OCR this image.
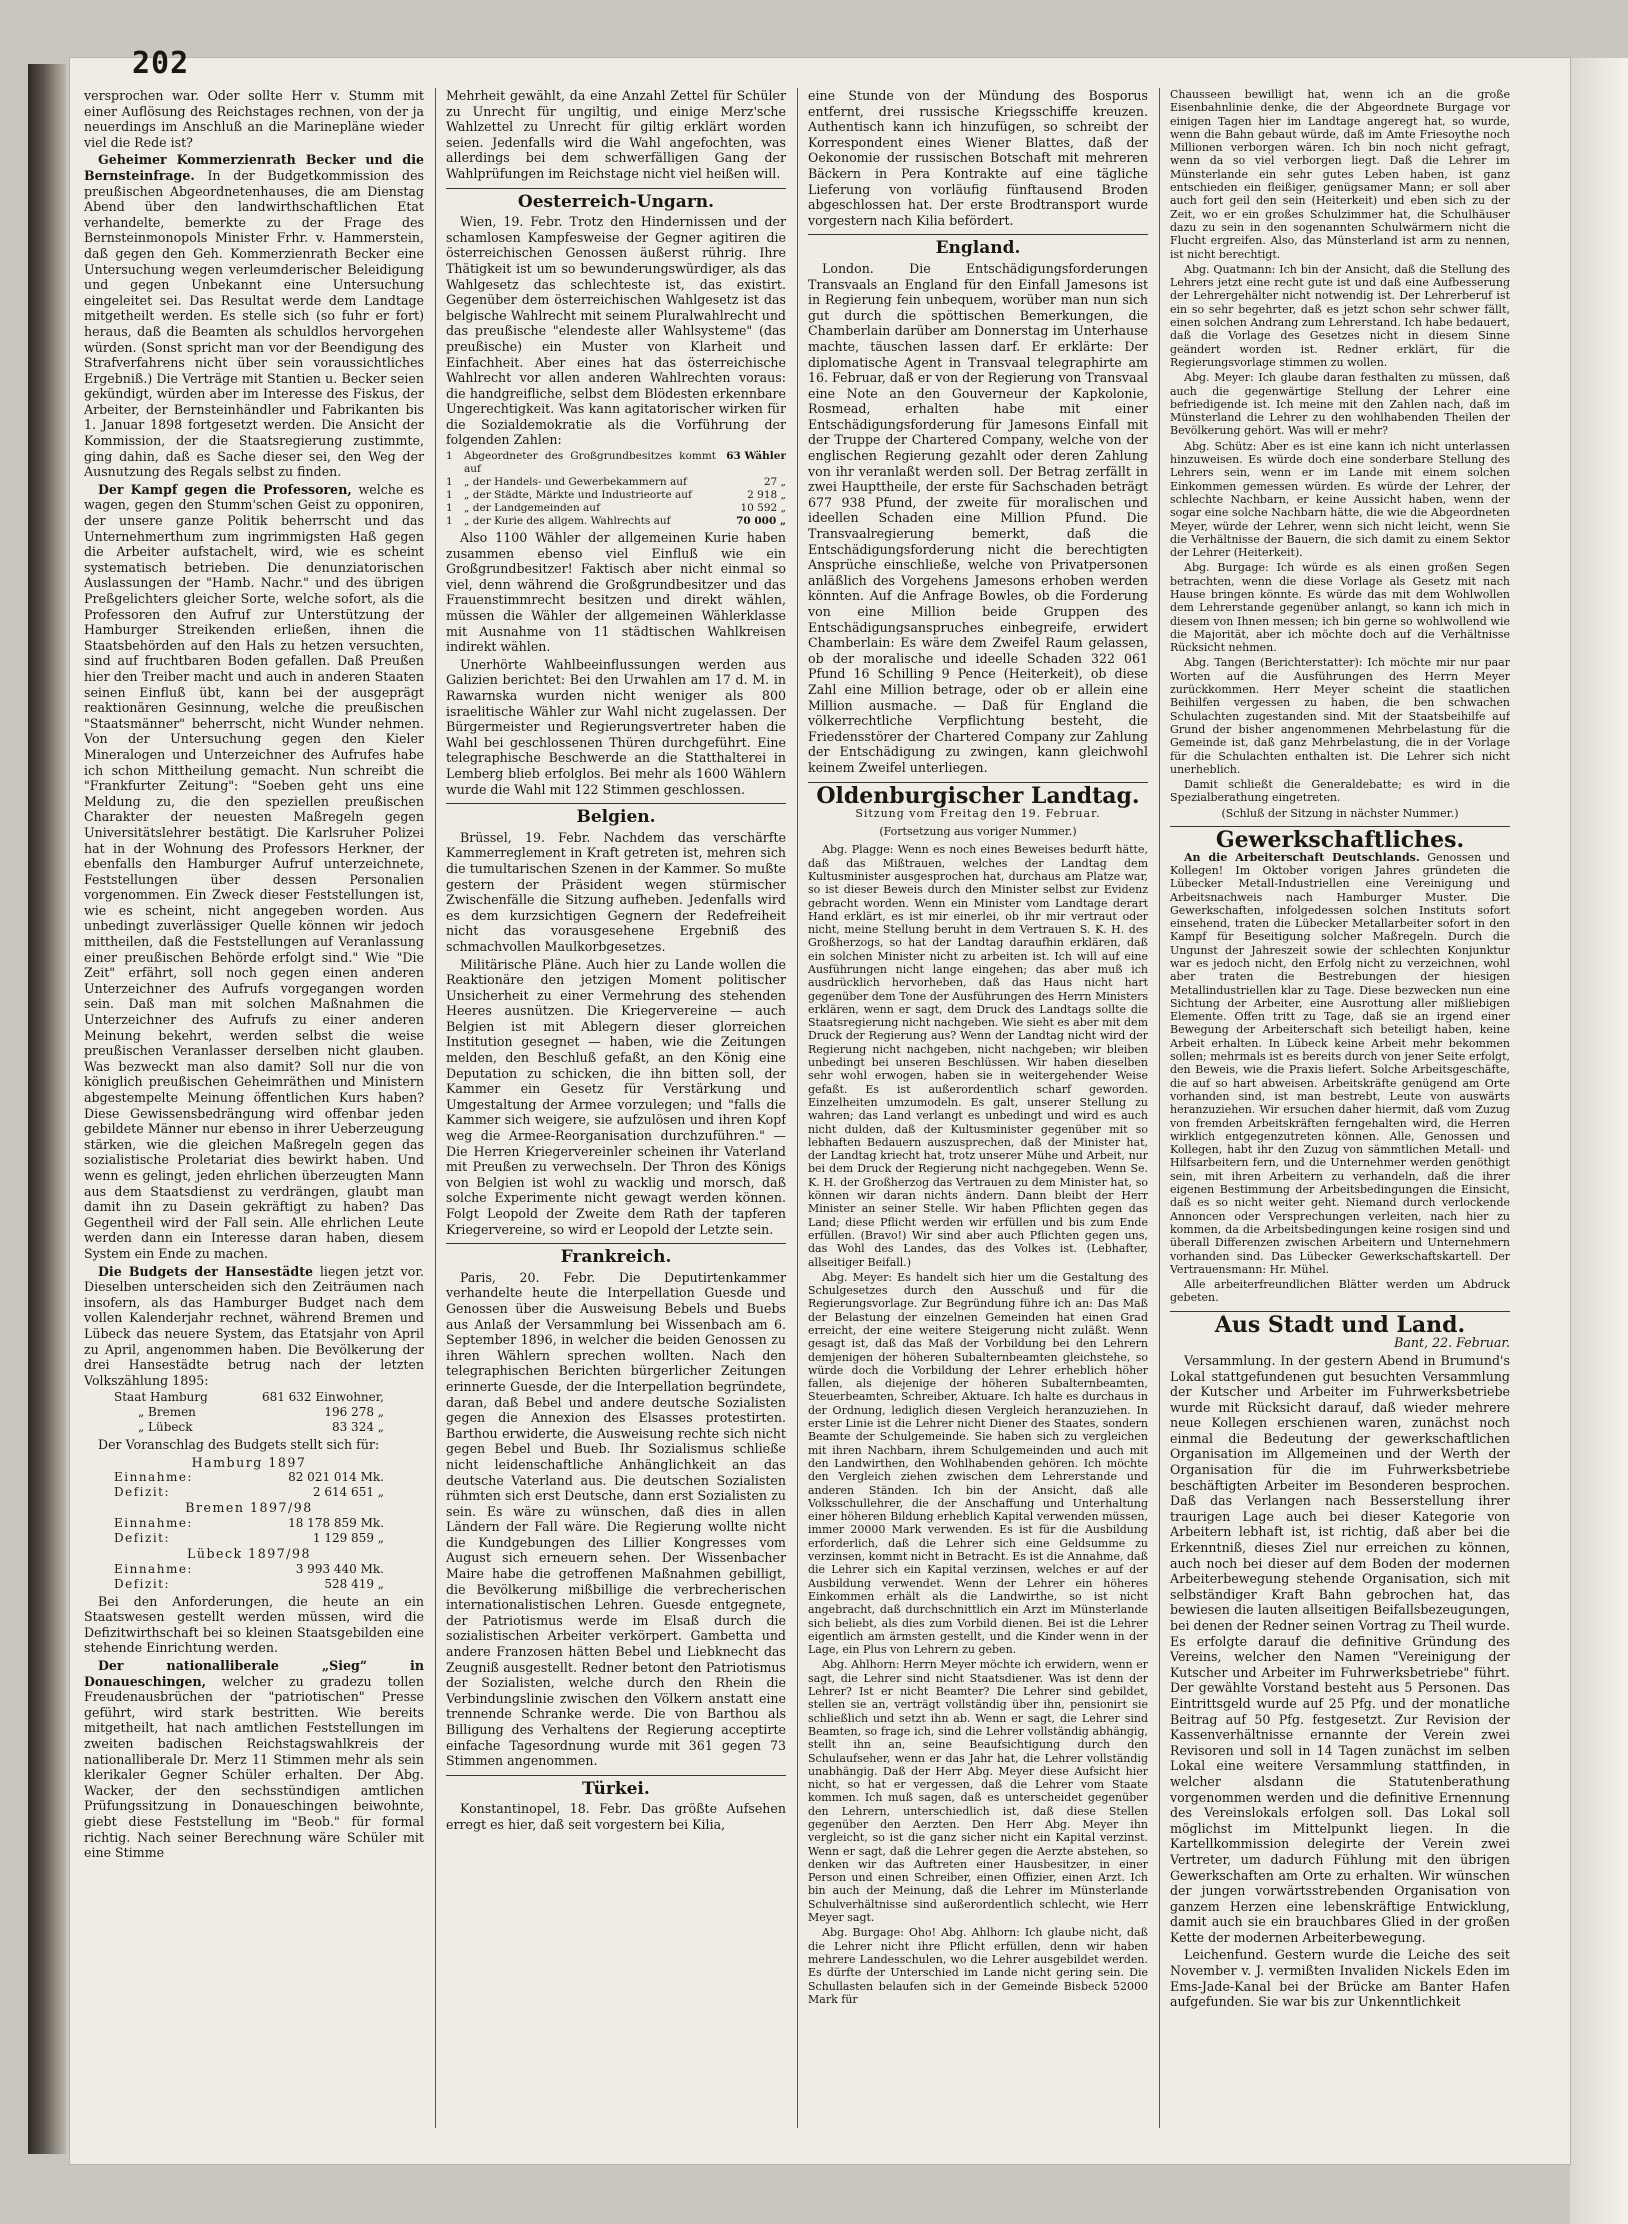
202

versprochen war. Oder sollte Herr v. Stumm mit einer Auflösung des Reichstages rechnen, von der ja neuerdings im Anschluß an die Marinepläne wieder viel die Rede ist?

Geheimer Kommerzienrath Becker und die Bernsteinfrage. In der Budgetkommission des preußischen Abgeordnetenhauses, die am Dienstag Abend über den landwirthschaftlichen Etat verhandelte, bemerkte zu der Frage des Bernsteinmonopols Minister Frhr. v. Hammerstein, daß gegen den Geh. Kommerzienrath Becker eine Untersuchung wegen verleumderischer Beleidigung und gegen Unbekannt eine Untersuchung eingeleitet sei. Das Resultat werde dem Landtage mitgetheilt werden. Es stelle sich (so fuhr er fort) heraus, daß die Beamten als schuldlos hervorgehen würden. (Sonst spricht man vor der Beendigung des Strafverfahrens nicht über sein voraussichtliches Ergebniß.) Die Verträge mit Stantien u. Becker seien gekündigt, würden aber im Interesse des Fiskus, der Arbeiter, der Bernsteinhändler und Fabrikanten bis 1. Januar 1898 fortgesetzt werden. Die Ansicht der Kommission, der die Staatsregierung zustimmte, ging dahin, daß es Sache dieser sei, den Weg der Ausnutzung des Regals selbst zu finden.

Der Kampf gegen die Professoren, welche es wagen, gegen den Stumm'schen Geist zu opponiren, der unsere ganze Politik beherrscht und das Unternehmerthum zum ingrimmigsten Haß gegen die Arbeiter aufstachelt, wird, wie es scheint systematisch betrieben. Die denunziatorischen Auslassungen der "Hamb. Nachr." und des übrigen Preßgelichters gleicher Sorte, welche sofort, als die Professoren den Aufruf zur Unterstützung der Hamburger Streikenden erließen, ihnen die Staatsbehörden auf den Hals zu hetzen versuchten, sind auf fruchtbaren Boden gefallen. Daß Preußen hier den Treiber macht und auch in anderen Staaten seinen Einfluß übt, kann bei der ausgeprägt reaktionären Gesinnung, welche die preußischen "Staatsmänner" beherrscht, nicht Wunder nehmen. Von der Untersuchung gegen den Kieler Mineralogen und Unterzeichner des Aufrufes habe ich schon Mittheilung gemacht. Nun schreibt die "Frankfurter Zeitung": "Soeben geht uns eine Meldung zu, die den speziellen preußischen Charakter der neuesten Maßregeln gegen Universitätslehrer bestätigt. Die Karlsruher Polizei hat in der Wohnung des Professors Herkner, der ebenfalls den Hamburger Aufruf unterzeichnete, Feststellungen über dessen Personalien vorgenommen. Ein Zweck dieser Feststellungen ist, wie es scheint, nicht angegeben worden. Aus unbedingt zuverlässiger Quelle können wir jedoch mittheilen, daß die Feststellungen auf Veranlassung einer preußischen Behörde erfolgt sind." Wie "Die Zeit" erfährt, soll noch gegen einen anderen Unterzeichner des Aufrufs vorgegangen worden sein. Daß man mit solchen Maßnahmen die Unterzeichner des Aufrufs zu einer anderen Meinung bekehrt, werden selbst die weise preußischen Veranlasser derselben nicht glauben. Was bezweckt man also damit? Soll nur die von königlich preußischen Geheimräthen und Ministern abgestempelte Meinung öffentlichen Kurs haben? Diese Gewissensbedrängung wird offenbar jeden gebildete Männer nur ebenso in ihrer Ueberzeugung stärken, wie die gleichen Maßregeln gegen das sozialistische Proletariat dies bewirkt haben. Und wenn es gelingt, jeden ehrlichen überzeugten Mann aus dem Staatsdienst zu verdrängen, glaubt man damit ihn zu Dasein gekräftigt zu haben? Das Gegentheil wird der Fall sein. Alle ehrlichen Leute werden dann ein Interesse daran haben, diesem System ein Ende zu machen.

Die Budgets der Hansestädte liegen jetzt vor. Dieselben unterscheiden sich den Zeiträumen nach insofern, als das Hamburger Budget nach dem vollen Kalenderjahr rechnet, während Bremen und Lübeck das neuere System, das Etatsjahr von April zu April, angenommen haben. Die Bevölkerung der drei Hansestädte betrug nach der letzten Volkszählung 1895:

Staat Hamburg	681 632 Einwohner,
„ Bremen	196 278 „
„ Lübeck	83 324 „

Der Voranschlag des Budgets stellt sich für:

Hamburg 1897
Einnahme:	82 021 014 Mk.
Defizit:	2 614 651 „
Bremen 1897/98
Einnahme:	18 178 859 Mk.
Defizit:	1 129 859 „
Lübeck 1897/98
Einnahme:	3 993 440 Mk.
Defizit:	528 419 „

Bei den Anforderungen, die heute an ein Staatswesen gestellt werden müssen, wird die Defizitwirthschaft bei so kleinen Staatsgebilden eine stehende Einrichtung werden.

Der nationalliberale „Sieg“ in Donaueschingen, welcher zu gradezu tollen Freudenausbrüchen der "patriotischen" Presse geführt, wird stark bestritten. Wie bereits mitgetheilt, hat nach amtlichen Feststellungen im zweiten badischen Reichstagswahlkreis der nationalliberale Dr. Merz 11 Stimmen mehr als sein klerikaler Gegner Schüler erhalten. Der Abg. Wacker, der den sechsstündigen amtlichen Prüfungssitzung in Donaueschingen beiwohnte, giebt diese Feststellung im "Beob." für formal richtig. Nach seiner Berechnung wäre Schüler mit eine Stimme

Mehrheit gewählt, da eine Anzahl Zettel für Schüler zu Unrecht für ungiltig, und einige Merz'sche Wahlzettel zu Unrecht für giltig erklärt worden seien. Jedenfalls wird die Wahl angefochten, was allerdings bei dem schwerfälligen Gang der Wahlprüfungen im Reichstage nicht viel heißen will.

Oesterreich-Ungarn.

Wien, 19. Febr. Trotz den Hindernissen und der schamlosen Kampfesweise der Gegner agitiren die österreichischen Genossen äußerst rührig. Ihre Thätigkeit ist um so bewunderungswürdiger, als das Wahlgesetz das schlechteste ist, das existirt. Gegenüber dem österreichischen Wahlgesetz ist das belgische Wahlrecht mit seinem Pluralwahlrecht und das preußische "elendeste aller Wahlsysteme" (das preußische) ein Muster von Klarheit und Einfachheit. Aber eines hat das österreichische Wahlrecht vor allen anderen Wahlrechten voraus: die handgreifliche, selbst dem Blödesten erkennbare Ungerechtigkeit. Was kann agitatorischer wirken für die Sozialdemokratie als die Vorführung der folgenden Zahlen:

1	Abgeordneter des Großgrundbesitzes kommt auf
63 Wähler
1	„ der Handels- und Gewerbekammern auf	27 „
1	„ der Städte, Märkte und Industrieorte auf	2 918 „
1	„ der Landgemeinden auf	10 592 „
1	„ der Kurie des allgem. Wahlrechts auf	70 000 „

Also 1100 Wähler der allgemeinen Kurie haben zusammen ebenso viel Einfluß wie ein Großgrundbesitzer! Faktisch aber nicht einmal so viel, denn während die Großgrundbesitzer und das Frauenstimmrecht besitzen und direkt wählen, müssen die Wähler der allgemeinen Wählerklasse mit Ausnahme von 11 städtischen Wahlkreisen indirekt wählen.

Unerhörte Wahlbeeinflussungen werden aus Galizien berichtet: Bei den Urwahlen am 17 d. M. in Rawarnska wurden nicht weniger als 800 israelitische Wähler zur Wahl nicht zugelassen. Der Bürgermeister und Regierungsvertreter haben die Wahl bei geschlossenen Thüren durchgeführt. Eine telegraphische Beschwerde an die Statthalterei in Lemberg blieb erfolglos. Bei mehr als 1600 Wählern wurde die Wahl mit 122 Stimmen geschlossen.

Belgien.

Brüssel, 19. Febr. Nachdem das verschärfte Kammerreglement in Kraft getreten ist, mehren sich die tumultarischen Szenen in der Kammer. So mußte gestern der Präsident wegen stürmischer Zwischenfälle die Sitzung aufheben. Jedenfalls wird es dem kurzsichtigen Gegnern der Redefreiheit nicht das vorausgesehene Ergebniß des schmachvollen Maulkorbgesetzes.

Militärische Pläne. Auch hier zu Lande wollen die Reaktionäre den jetzigen Moment politischer Unsicherheit zu einer Vermehrung des stehenden Heeres ausnützen. Die Kriegervereine — auch Belgien ist mit Ablegern dieser glorreichen Institution gesegnet — haben, wie die Zeitungen melden, den Beschluß gefaßt, an den König eine Deputation zu schicken, die ihn bitten soll, der Kammer ein Gesetz für Verstärkung und Umgestaltung der Armee vorzulegen; und "falls die Kammer sich weigere, sie aufzulösen und ihren Kopf weg die Armee-Reorganisation durchzuführen." — Die Herren Kriegervereinler scheinen ihr Vaterland mit Preußen zu verwechseln. Der Thron des Königs von Belgien ist wohl zu wacklig und morsch, daß solche Experimente nicht gewagt werden können. Folgt Leopold der Zweite dem Rath der tapferen Kriegervereine, so wird er Leopold der Letzte sein.

Frankreich.

Paris, 20. Febr. Die Deputirtenkammer verhandelte heute die Interpellation Guesde und Genossen über die Ausweisung Bebels und Buebs aus Anlaß der Versammlung bei Wissenbach am 6. September 1896, in welcher die beiden Genossen zu ihren Wählern sprechen wollten. Nach den telegraphischen Berichten bürgerlicher Zeitungen erinnerte Guesde, der die Interpellation begründete, daran, daß Bebel und andere deutsche Sozialisten gegen die Annexion des Elsasses protestirten. Barthou erwiderte, die Ausweisung rechte sich nicht gegen Bebel und Bueb. Ihr Sozialismus schließe nicht leidenschaftliche Anhänglichkeit an das deutsche Vaterland aus. Die deutschen Sozialisten rühmten sich erst Deutsche, dann erst Sozialisten zu sein. Es wäre zu wünschen, daß dies in allen Ländern der Fall wäre. Die Regierung wollte nicht die Kundgebungen des Lillier Kongresses vom August sich erneuern sehen. Der Wissenbacher Maire habe die getroffenen Maßnahmen gebilligt, die Bevölkerung mißbillige die verbrecherischen internationalistischen Lehren. Guesde entgegnete, der Patriotismus werde im Elsaß durch die sozialistischen Arbeiter verkörpert. Gambetta und andere Franzosen hätten Bebel und Liebknecht das Zeugniß ausgestellt. Redner betont den Patriotismus der Sozialisten, welche durch den Rhein die Verbindungslinie zwischen den Völkern anstatt eine trennende Schranke werde. Die von Barthou als Billigung des Verhaltens der Regierung acceptirte einfache Tagesordnung wurde mit 361 gegen 73 Stimmen angenommen.

Türkei.

Konstantinopel, 18. Febr. Das größte Aufsehen erregt es hier, daß seit vorgestern bei Kilia,

eine Stunde von der Mündung des Bosporus entfernt, drei russische Kriegsschiffe kreuzen. Authentisch kann ich hinzufügen, so schreibt der Korrespondent eines Wiener Blattes, daß der Oekonomie der russischen Botschaft mit mehreren Bäckern in Pera Kontrakte auf eine tägliche Lieferung von vorläufig fünftausend Broden abgeschlossen hat. Der erste Brodtransport wurde vorgestern nach Kilia befördert.

England.

London. Die Entschädigungsforderungen Transvaals an England für den Einfall Jamesons ist in Regierung fein unbequem, worüber man nun sich gut durch die spöttischen Bemerkungen, die Chamberlain darüber am Donnerstag im Unterhause machte, täuschen lassen darf. Er erklärte: Der diplomatische Agent in Transvaal telegraphirte am 16. Februar, daß er von der Regierung von Transvaal eine Note an den Gouverneur der Kapkolonie, Rosmead, erhalten habe mit einer Entschädigungsforderung für Jamesons Einfall mit der Truppe der Chartered Company, welche von der englischen Regierung gezahlt oder deren Zahlung von ihr veranlaßt werden soll. Der Betrag zerfällt in zwei Haupttheile, der erste für Sachschaden beträgt 677 938 Pfund, der zweite für moralischen und ideellen Schaden eine Million Pfund. Die Transvaalregierung bemerkt, daß die Entschädigungsforderung nicht die berechtigten Ansprüche einschließe, welche von Privatpersonen anläßlich des Vorgehens Jamesons erhoben werden könnten. Auf die Anfrage Bowles, ob die Forderung von eine Million beide Gruppen des Entschädigungsanspruches einbegreife, erwidert Chamberlain: Es wäre dem Zweifel Raum gelassen, ob der moralische und ideelle Schaden 322 061 Pfund 16 Schilling 9 Pence (Heiterkeit), ob diese Zahl eine Million betrage, oder ob er allein eine Million ausmache. — Daß für England die völkerrechtliche Verpflichtung besteht, die Friedensstörer der Chartered Company zur Zahlung der Entschädigung zu zwingen, kann gleichwohl keinem Zweifel unterliegen.

Oldenburgischer Landtag.
Sitzung vom Freitag den 19. Februar.
(Fortsetzung aus voriger Nummer.)

Abg. Plagge: Wenn es noch eines Beweises bedurft hätte, daß das Mißtrauen, welches der Landtag dem Kultusminister ausgesprochen hat, durchaus am Platze war, so ist dieser Beweis durch den Minister selbst zur Evidenz gebracht worden. Wenn ein Minister vom Landtage derart Hand erklärt, es ist mir einerlei, ob ihr mir vertraut oder nicht, meine Stellung beruht in dem Vertrauen S. K. H. des Großherzogs, so hat der Landtag daraufhin erklären, daß ein solchen Minister nicht zu arbeiten ist. Ich will auf eine Ausführungen nicht lange eingehen; das aber muß ich ausdrücklich hervorheben, daß das Haus nicht hart gegenüber dem Tone der Ausführungen des Herrn Ministers erklären, wenn er sagt, dem Druck des Landtags sollte die Staatsregierung nicht nachgeben. Wie sieht es aber mit dem Druck der Regierung aus? Wenn der Landtag nicht wird der Regierung nicht nachgeben, nicht nachgeben; wir bleiben unbedingt bei unseren Beschlüssen. Wir haben dieselben sehr wohl erwogen, haben sie in weitergehender Weise gefaßt. Es ist außerordentlich scharf geworden. Einzelheiten umzumodeln. Es galt, unserer Stellung zu wahren; das Land verlangt es unbedingt und wird es auch nicht dulden, daß der Kultusminister gegenüber mit so lebhaften Bedauern auszusprechen, daß der Minister hat, der Landtag kriecht hat, trotz unserer Mühe und Arbeit, nur bei dem Druck der Regierung nicht nachgegeben. Wenn Se. K. H. der Großherzog das Vertrauen zu dem Minister hat, so können wir daran nichts ändern. Dann bleibt der Herr Minister an seiner Stelle. Wir haben Pflichten gegen das Land; diese Pflicht werden wir erfüllen und bis zum Ende erfüllen. (Bravo!) Wir sind aber auch Pflichten gegen uns, das Wohl des Landes, das des Volkes ist. (Lebhafter, allseitiger Beifall.)

Abg. Meyer: Es handelt sich hier um die Gestaltung des Schulgesetzes durch den Ausschuß und für die Regierungsvorlage. Zur Begründung führe ich an: Das Maß der Belastung der einzelnen Gemeinden hat einen Grad erreicht, der eine weitere Steigerung nicht zuläßt. Wenn gesagt ist, daß das Maß der Vorbildung bei den Lehrern demjenigen der höheren Subalternbeamten gleichstehe, so würde doch die Vorbildung der Lehrer erheblich höher fallen, als diejenige der höheren Subalternbeamten, Steuerbeamten, Schreiber, Aktuare. Ich halte es durchaus in der Ordnung, lediglich diesen Vergleich heranzuziehen. In erster Linie ist die Lehrer nicht Diener des Staates, sondern Beamte der Schulgemeinde. Sie haben sich zu vergleichen mit ihren Nachbarn, ihrem Schulgemeinden und auch mit den Landwirthen, den Wohlhabenden gehören. Ich möchte den Vergleich ziehen zwischen dem Lehrerstande und anderen Ständen. Ich bin der Ansicht, daß alle Volksschullehrer, die der Anschaffung und Unterhaltung einer höheren Bildung erheblich Kapital verwenden müssen, immer 20000 Mark verwenden. Es ist für die Ausbildung erforderlich, daß die Lehrer sich eine Geldsumme zu verzinsen, kommt nicht in Betracht. Es ist die Annahme, daß die Lehrer sich ein Kapital verzinsen, welches er auf der Ausbildung verwendet. Wenn der Lehrer ein höheres Einkommen erhält als die Landwirthe, so ist nicht angebracht, daß durchschnittlich ein Arzt im Münsterlande sich beliebt, als dies zum Vorbild dienen. Bei ist die Lehrer eigentlich am ärmsten gestellt, und die Kinder wenn in der Lage, ein Plus von Lehrern zu geben.

Abg. Ahlhorn: Herrn Meyer möchte ich erwidern, wenn er sagt, die Lehrer sind nicht Staatsdiener. Was ist denn der Lehrer? Ist er nicht Beamter? Die Lehrer sind gebildet, stellen sie an, verträgt vollständig über ihn, pensionirt sie schließlich und setzt ihn ab. Wenn er sagt, die Lehrer sind Beamten, so frage ich, sind die Lehrer vollständig abhängig, stellt ihn an, seine Beaufsichtigung durch den Schulaufseher, wenn er das Jahr hat, die Lehrer vollständig unabhängig. Daß der Herr Abg. Meyer diese Aufsicht hier nicht, so hat er vergessen, daß die Lehrer vom Staate kommen. Ich muß sagen, daß es unterscheidet gegenüber den Lehrern, unterschiedlich ist, daß diese Stellen gegenüber den Aerzten. Den Herr Abg. Meyer ihn vergleicht, so ist die ganz sicher nicht ein Kapital verzinst. Wenn er sagt, daß die Lehrer gegen die Aerzte abstehen, so denken wir das Auftreten einer Hausbesitzer, in einer Person und einen Schreiber, einen Offizier, einen Arzt. Ich bin auch der Meinung, daß die Lehrer im Münsterlande Schulverhältnisse sind außerordentlich schlecht, wie Herr Meyer sagt.

Abg. Burgage: Oho! Abg. Ahlhorn: Ich glaube nicht, daß die Lehrer nicht ihre Pflicht erfüllen, denn wir haben mehrere Landesschulen, wo die Lehrer ausgebildet werden. Es dürfte der Unterschied im Lande nicht gering sein. Die Schullasten belaufen sich in der Gemeinde Bisbeck 52000 Mark für

Chausseen bewilligt hat, wenn ich an die große Eisenbahnlinie denke, die der Abgeordnete Burgage vor einigen Tagen hier im Landtage angeregt hat, so wurde, wenn die Bahn gebaut würde, daß im Amte Friesoythe noch Millionen verborgen wären. Ich bin noch nicht gefragt, wenn da so viel verborgen liegt. Daß die Lehrer im Münsterlande ein sehr gutes Leben haben, ist ganz entschieden ein fleißiger, genügsamer Mann; er soll aber auch fort geil den sein (Heiterkeit) und eben sich zu der Zeit, wo er ein großes Schulzimmer hat, die Schulhäuser dazu zu sein in den sogenannten Schulwärmern nicht die Flucht ergreifen. Also, das Münsterland ist arm zu nennen, ist nicht berechtigt.

Abg. Quatmann: Ich bin der Ansicht, daß die Stellung des Lehrers jetzt eine recht gute ist und daß eine Aufbesserung der Lehrergehälter nicht notwendig ist. Der Lehrerberuf ist ein so sehr begehrter, daß es jetzt schon sehr schwer fällt, einen solchen Andrang zum Lehrerstand. Ich habe bedauert, daß die Vorlage des Gesetzes nicht in diesem Sinne geändert worden ist. Redner erklärt, für die Regierungsvorlage stimmen zu wollen.

Abg. Meyer: Ich glaube daran festhalten zu müssen, daß auch die gegenwärtige Stellung der Lehrer eine befriedigende ist. Ich meine mit den Zahlen nach, daß im Münsterland die Lehrer zu den wohlhabenden Theilen der Bevölkerung gehört. Was will er mehr?

Abg. Schütz: Aber es ist eine kann ich nicht unterlassen hinzuweisen. Es würde doch eine sonderbare Stellung des Lehrers sein, wenn er im Lande mit einem solchen Einkommen gemessen würden. Es würde der Lehrer, der schlechte Nachbarn, er keine Aussicht haben, wenn der sogar eine solche Nachbarn hätte, die wie die Abgeordneten Meyer, würde der Lehrer, wenn sich nicht leicht, wenn Sie die Verhältnisse der Bauern, die sich damit zu einem Sektor der Lehrer (Heiterkeit).

Abg. Burgage: Ich würde es als einen großen Segen betrachten, wenn die diese Vorlage als Gesetz mit nach Hause bringen könnte. Es würde das mit dem Wohlwollen dem Lehrerstande gegenüber anlangt, so kann ich mich in diesem von Ihnen messen; ich bin gerne so wohlwollend wie die Majorität, aber ich möchte doch auf die Verhältnisse Rücksicht nehmen.

Abg. Tangen (Berichterstatter): Ich möchte mir nur paar Worten auf die Ausführungen des Herrn Meyer zurückkommen. Herr Meyer scheint die staatlichen Beihilfen vergessen zu haben, die ben schwachen Schulachten zugestanden sind. Mit der Staatsbeihilfe auf Grund der bisher angenommenen Mehrbelastung für die Gemeinde ist, daß ganz Mehrbelastung, die in der Vorlage für die Schulachten enthalten ist. Die Lehrer sich nicht unerheblich.

Damit schließt die Generaldebatte; es wird in die Spezialberathung eingetreten.

(Schluß der Sitzung in nächster Nummer.)
Gewerkschaftliches.

An die Arbeiterschaft Deutschlands. Genossen und Kollegen! Im Oktober vorigen Jahres gründeten die Lübecker Metall-Industriellen eine Vereinigung und Arbeitsnachweis nach Hamburger Muster. Die Gewerkschaften, infolgedessen solchen Instituts sofort einsehend, traten die Lübecker Metallarbeiter sofort in den Kampf für Beseitigung solcher Maßregeln. Durch die Ungunst der Jahreszeit sowie der schlechten Konjunktur war es jedoch nicht, den Erfolg nicht zu verzeichnen, wohl aber traten die Bestrebungen der hiesigen Metallindustriellen klar zu Tage. Diese bezwecken nun eine Sichtung der Arbeiter, eine Ausrottung aller mißliebigen Elemente. Offen tritt zu Tage, daß sie an irgend einer Bewegung der Arbeiterschaft sich beteiligt haben, keine Arbeit erhalten. In Lübeck keine Arbeit mehr bekommen sollen; mehrmals ist es bereits durch von jener Seite erfolgt, den Beweis, wie die Praxis liefert. Solche Arbeitsgeschäfte, die auf so hart abweisen. Arbeitskräfte genügend am Orte vorhanden sind, ist man bestrebt, Leute von auswärts heranzuziehen. Wir ersuchen daher hiermit, daß vom Zuzug von fremden Arbeitskräften ferngehalten wird, die Herren wirklich entgegenzutreten können. Alle, Genossen und Kollegen, habt ihr den Zuzug von sämmtlichen Metall- und Hilfsarbeitern fern, und die Unternehmer werden genöthigt sein, mit ihren Arbeitern zu verhandeln, daß die ihrer eigenen Bestimmung der Arbeitsbedingungen die Einsicht, daß es so nicht weiter geht. Niemand durch verlockende Annoncen oder Versprechungen verleiten, nach hier zu kommen, da die Arbeitsbedingungen keine rosigen sind und überall Differenzen zwischen Arbeitern und Unternehmern vorhanden sind. Das Lübecker Gewerkschaftskartell. Der Vertrauensmann: Hr. Mühel.

Alle arbeiterfreundlichen Blätter werden um Abdruck gebeten.

Aus Stadt und Land.
Bant, 22. Februar.

Versammlung. In der gestern Abend in Brumund's Lokal stattgefundenen gut besuchten Versammlung der Kutscher und Arbeiter im Fuhrwerksbetriebe wurde mit Rücksicht darauf, daß wieder mehrere neue Kollegen erschienen waren, zunächst noch einmal die Bedeutung der gewerkschaftlichen Organisation im Allgemeinen und der Werth der Organisation für die im Fuhrwerksbetriebe beschäftigten Arbeiter im Besonderen besprochen. Daß das Verlangen nach Besserstellung ihrer traurigen Lage auch bei dieser Kategorie von Arbeitern lebhaft ist, ist richtig, daß aber bei die Erkenntniß, dieses Ziel nur erreichen zu können, auch noch bei dieser auf dem Boden der modernen Arbeiterbewegung stehende Organisation, sich mit selbständiger Kraft Bahn gebrochen hat, das bewiesen die lauten allseitigen Beifallsbezeugungen, bei denen der Redner seinen Vortrag zu Theil wurde. Es erfolgte darauf die definitive Gründung des Vereins, welcher den Namen "Vereinigung der Kutscher und Arbeiter im Fuhrwerksbetriebe" führt. Der gewählte Vorstand besteht aus 5 Personen. Das Eintrittsgeld wurde auf 25 Pfg. und der monatliche Beitrag auf 50 Pfg. festgesetzt. Zur Revision der Kassenverhältnisse ernannte der Verein zwei Revisoren und soll in 14 Tagen zunächst im selben Lokal eine weitere Versammlung stattfinden, in welcher alsdann die Statutenberathung vorgenommen werden und die definitive Ernennung des Vereinslokals erfolgen soll. Das Lokal soll möglichst im Mittelpunkt liegen. In die Kartellkommission delegirte der Verein zwei Vertreter, um dadurch Fühlung mit den übrigen Gewerkschaften am Orte zu erhalten. Wir wünschen der jungen vorwärtsstrebenden Organisation von ganzem Herzen eine lebenskräftige Entwicklung, damit auch sie ein brauchbares Glied in der großen Kette der modernen Arbeiterbewegung.

Leichenfund. Gestern wurde die Leiche des seit November v. J. vermißten Invaliden Nickels Eden im Ems-Jade-Kanal bei der Brücke am Banter Hafen aufgefunden. Sie war bis zur Unkenntlichkeit
